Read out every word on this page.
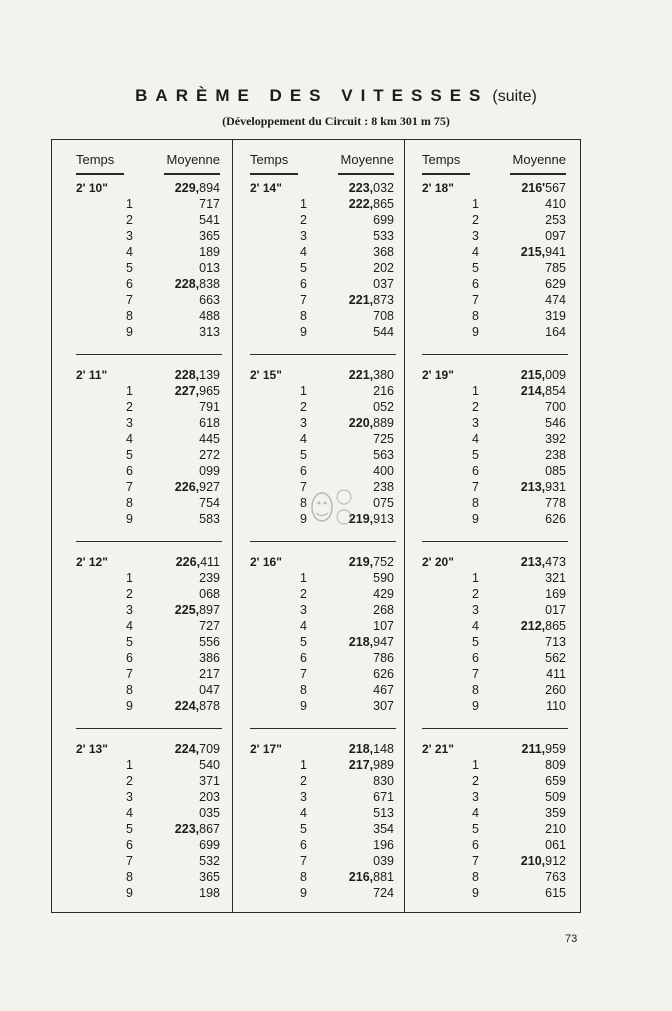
BARÈME DES VITESSES (suite)
(Développement du Circuit : 8 km 301 m 75)
Temps	Moyenne
2' 10"	229,894
1	717
2	541
3	365
4	189
5	013
6	228,838
7	663
8	488
9	313
2' 11"	228,139
1	227,965
2	791
3	618
4	445
5	272
6	099
7	226,927
8	754
9	583
2' 12"	226,411
1	239
2	068
3	225,897
4	727
5	556
6	386
7	217
8	047
9	224,878
2' 13"	224,709
1	540
2	371
3	203
4	035
5	223,867
6	699
7	532
8	365
9	198
Temps	Moyenne
2' 14"	223,032
1	222,865
2	699
3	533
4	368
5	202
6	037
7	221,873
8	708
9	544
2' 15"	221,380
1	216
2	052
3	220,889
4	725
5	563
6	400
7	238
8	075
9	219,913
2' 16"	219,752
1	590
2	429
3	268
4	107
5	218,947
6	786
7	626
8	467
9	307
2' 17"	218,148
1	217,989
2	830
3	671
4	513
5	354
6	196
7	039
8	216,881
9	724
Temps	Moyenne
2' 18"	216'567
1	410
2	253
3	097
4	215,941
5	785
6	629
7	474
8	319
9	164
2' 19"	215,009
1	214,854
2	700
3	546
4	392
5	238
6	085
7	213,931
8	778
9	626
2' 20"	213,473
1	321
2	169
3	017
4	212,865
5	713
6	562
7	411
8	260
9	110
2' 21"	211,959
1	809
2	659
3	509
4	359
5	210
6	061
7	210,912
8	763
9	615
73
